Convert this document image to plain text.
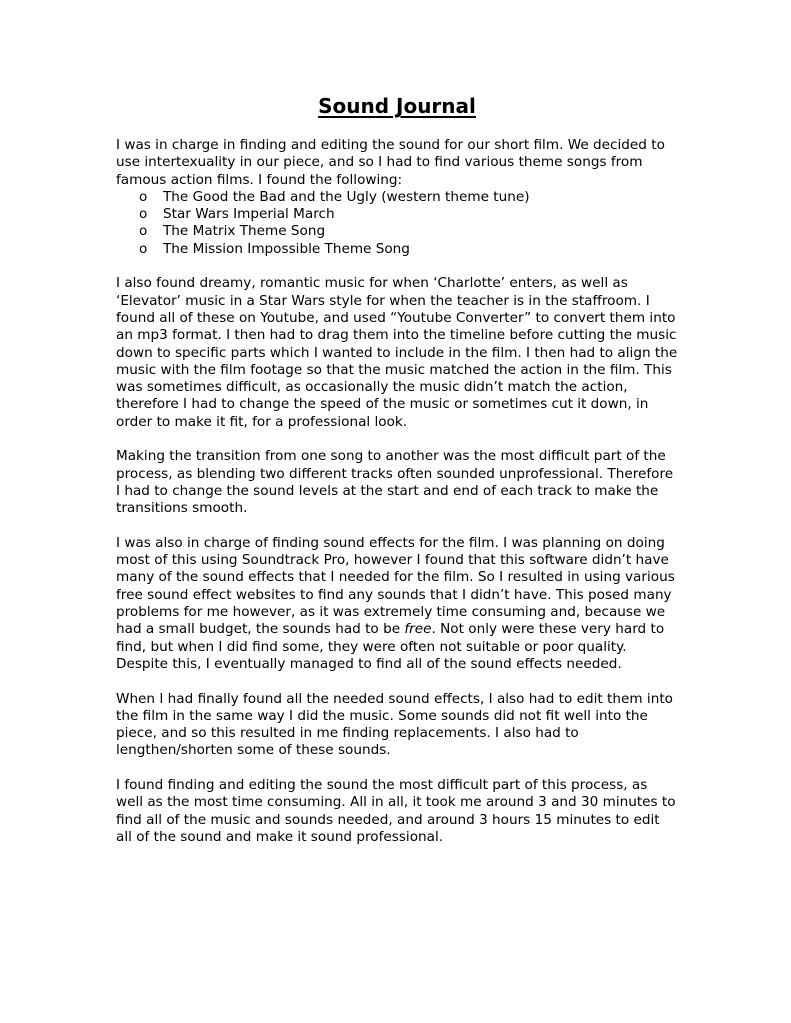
Sound Journal

I was in charge in finding and editing the sound for our short film. We decided to use intertexuality in our piece, and so I had to find various theme songs from famous action films. I found the following:

o The Good the Bad and the Ugly (western theme tune)
o Star Wars Imperial March
o The Matrix Theme Song
o The Mission Impossible Theme Song

I also found dreamy, romantic music for when ‘Charlotte’ enters, as well as ‘Elevator’ music in a Star Wars style for when the teacher is in the staffroom. I found all of these on Youtube, and used “Youtube Converter” to convert them into an mp3 format. I then had to drag them into the timeline before cutting the music down to specific parts which I wanted to include in the film. I then had to align the music with the film footage so that the music matched the action in the film. This was sometimes difficult, as occasionally the music didn’t match the action, therefore I had to change the speed of the music or sometimes cut it down, in order to make it fit, for a professional look.

Making the transition from one song to another was the most difficult part of the process, as blending two different tracks often sounded unprofessional. Therefore I had to change the sound levels at the start and end of each track to make the transitions smooth.

I was also in charge of finding sound effects for the film. I was planning on doing most of this using Soundtrack Pro, however I found that this software didn’t have many of the sound effects that I needed for the film. So I resulted in using various free sound effect websites to find any sounds that I didn’t have. This posed many problems for me however, as it was extremely time consuming and, because we had a small budget, the sounds had to be free. Not only were these very hard to find, but when I did find some, they were often not suitable or poor quality. Despite this, I eventually managed to find all of the sound effects needed.

When I had finally found all the needed sound effects, I also had to edit them into the film in the same way I did the music. Some sounds did not fit well into the piece, and so this resulted in me finding replacements. I also had to lengthen/shorten some of these sounds.

I found finding and editing the sound the most difficult part of this process, as well as the most time consuming. All in all, it took me around 3 and 30 minutes to find all of the music and sounds needed, and around 3 hours 15 minutes to edit all of the sound and make it sound professional.
